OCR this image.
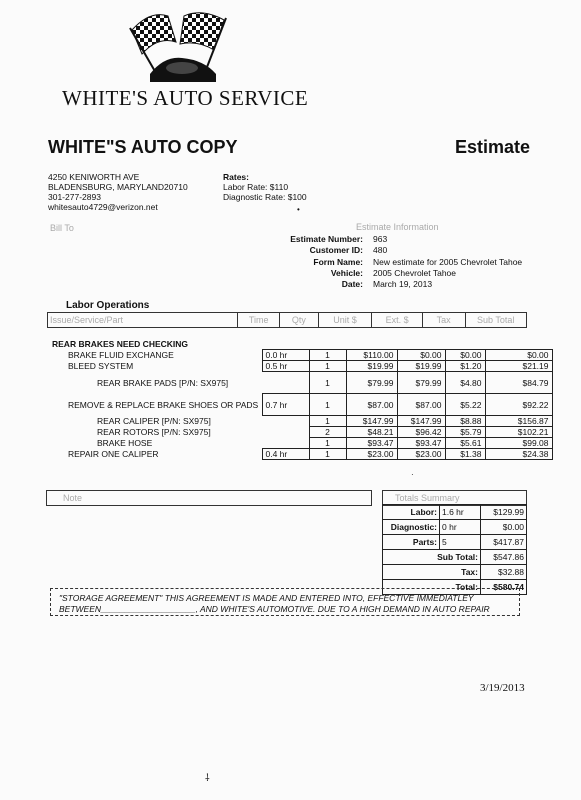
WHITE'S AUTO SERVICE
WHITE"S AUTO COPY	Estimate
4250 KENIWORTH AVE
BLADENSBURG, MARYLAND20710
301-277-2893
whitesauto4729@verizon.net
Rates:
Labor Rate: $110
Diagnostic Rate: $100
•
Bill To	Estimate Information
Estimate Number:	963
Customer ID:	480
Form Name:	New estimate for 2005 Chevrolet Tahoe
Vehicle:	2005 Chevrolet Tahoe
Date:	March 19, 2013
Labor Operations
Issue/Service/Part	Time	Qty	Unit $	Ext. $	Tax	Sub Total
REAR BRAKES NEED CHECKING
BRAKE FLUID EXCHANGE	0.0 hr	1	$110.00	$0.00	$0.00	$0.00
BLEED SYSTEM	0.5 hr	1	$19.99	$19.99	$1.20	$21.19
REAR BRAKE PADS [P/N: SX975]		1	$79.99	$79.99	$4.80	$84.79
REMOVE & REPLACE BRAKE SHOES OR PADS	0.7 hr	1	$87.00	$87.00	$5.22	$92.22
REAR CALIPER [P/N: SX975]		1	$147.99	$147.99	$8.88	$156.87
REAR ROTORS [P/N: SX975]		2	$48.21	$96.42	$5.79	$102.21
BRAKE HOSE		1	$93.47	$93.47	$5.61	$99.08
REPAIR ONE CALIPER	0.4 hr	1	$23.00	$23.00	$1.38	$24.38
·
Note	Totals Summary
Labor:	1.6 hr	$129.99
Diagnostic:	0 hr	$0.00
Parts:	5	$417.87
Sub Total:		$547.86
Tax:		$32.88
Total:		$580.74
"STORAGE AGREEMENT" THIS AGREEMENT IS MADE AND ENTERED INTO, EFFECTIVE IMMEDIATLEY
BETWEEN____________________, AND WHITE'S AUTOMOTIVE. DUE TO A HIGH DEMAND IN AUTO REPAIR
3/19/2013
⸸
